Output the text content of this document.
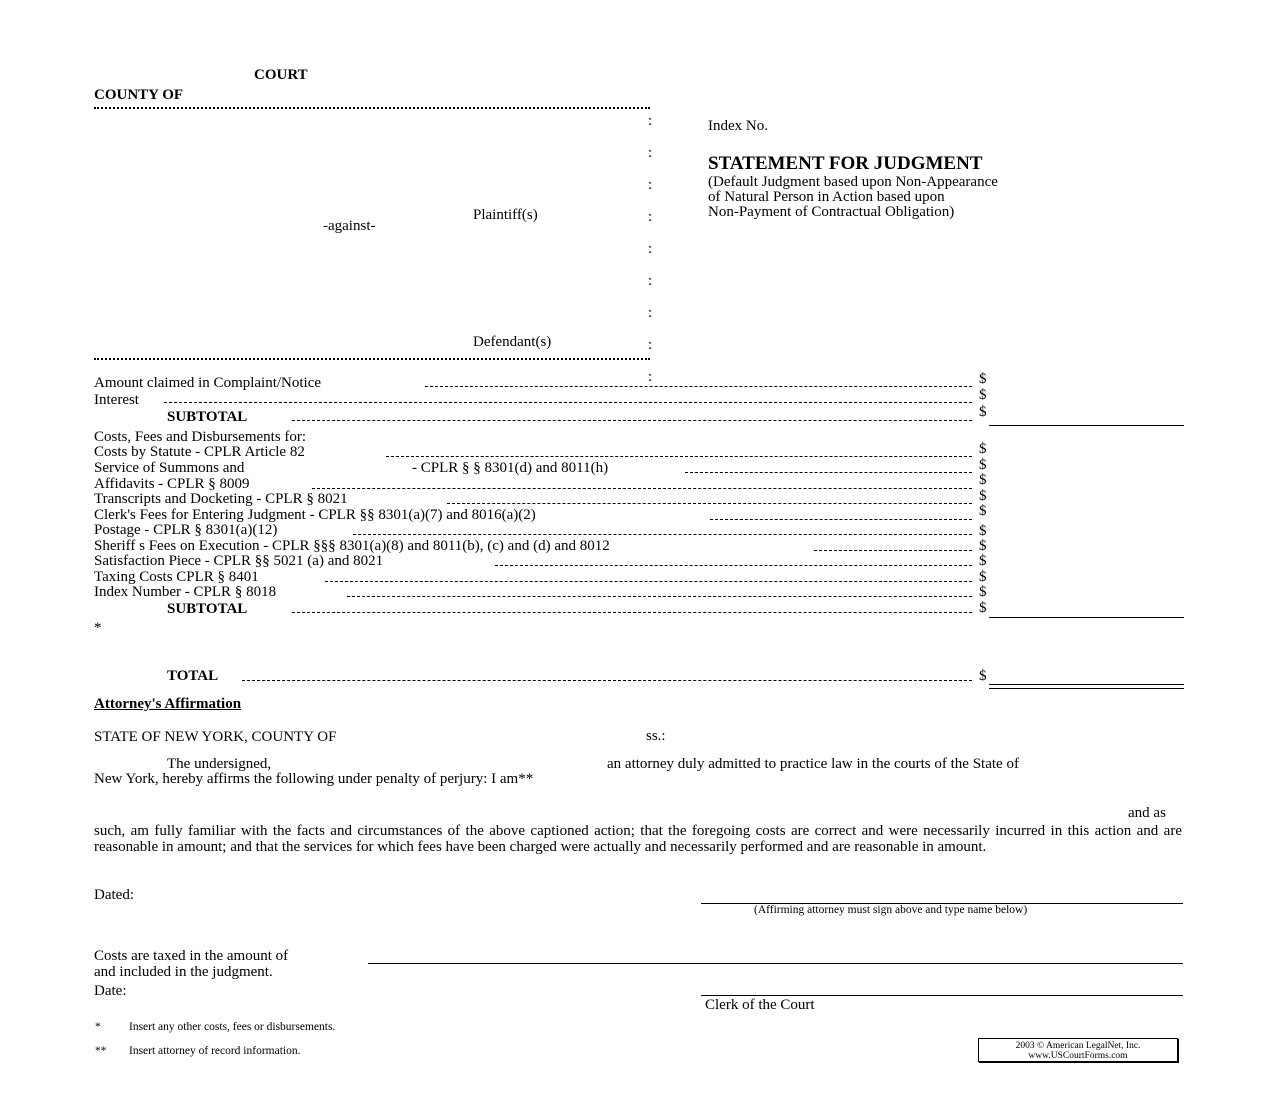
COURT
COUNTY OF
:
:
:
:
:
:
:
:
:
Plaintiff(s)
-against-
Defendant(s)
Index No.
STATEMENT FOR JUDGMENT
(Default Judgment based upon Non-Appearance
of Natural Person in Action based upon
Non-Payment of Contractual Obligation)
Amount claimed in Complaint/Notice	$
Interest	$
SUBTOTAL	$
Costs, Fees and Disbursements for:
Costs by Statute - CPLR Article 82	$
Service of Summons and	- CPLR § § 8301(d) and 8011(h)	$
Affidavits - CPLR § 8009	$
Transcripts and Docketing - CPLR § 8021	$
Clerk's Fees for Entering Judgment - CPLR §§ 8301(a)(7) and 8016(a)(2)	$
Postage - CPLR § 8301(a)(12)	$
Sheriff s Fees on Execution - CPLR §§§ 8301(a)(8) and 8011(b), (c) and (d) and 8012	$
Satisfaction Piece - CPLR §§ 5021 (a) and 8021	$
Taxing Costs CPLR § 8401	$
Index Number - CPLR § 8018	$
SUBTOTAL	$
*
TOTAL	$
Attorney's Affirmation
STATE OF NEW YORK, COUNTY OF	ss.:
The undersigned,	an attorney duly admitted to practice law in the courts of the State of
New York, hereby affirms the following under penalty of perjury: I am**
and as
such, am fully familiar with the facts and circumstances of the above captioned action; that the foregoing costs are correct and were necessarily incurred in this action and are reasonable in amount; and that the services for which fees have been charged were actually and necessarily performed and are reasonable in amount.
Dated:
(Affirming attorney must sign above and type name below)
Costs are taxed in the amount of
and included in the judgment.
Date:
Clerk of the Court
* Insert any other costs, fees or disbursements.
** Insert attorney of record information.	2003 © American LegalNet, Inc.
www.USCourtForms.com
